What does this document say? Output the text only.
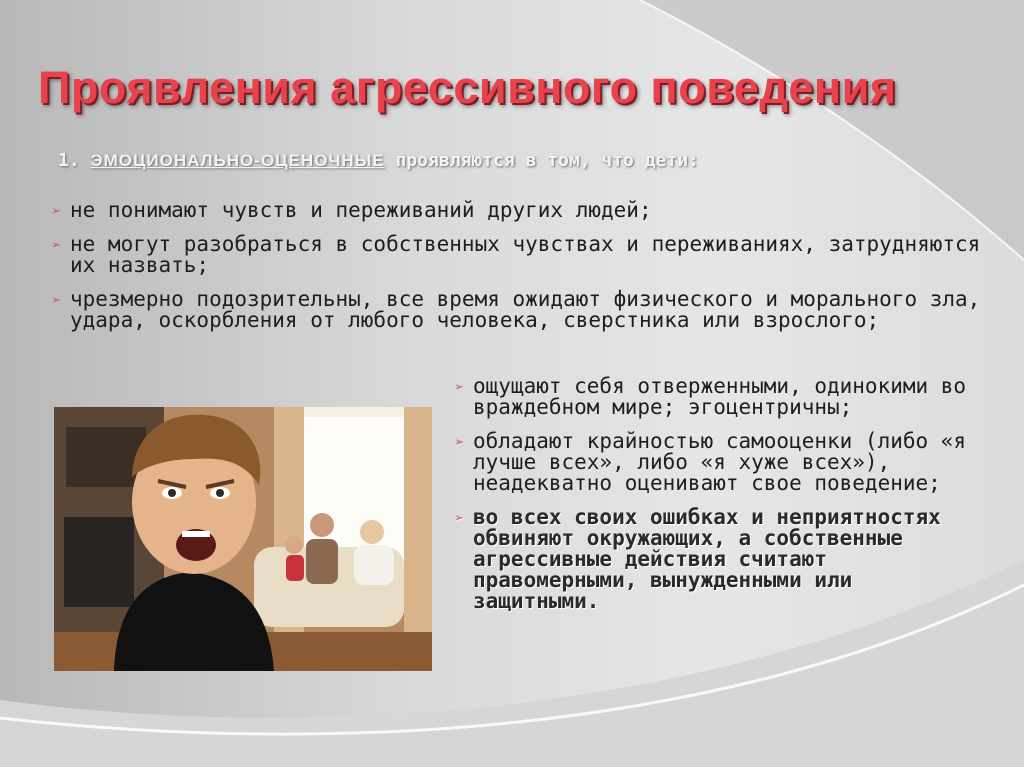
Проявления агрессивного поведения
1. ЭМОЦИОНАЛЬНО-ОЦЕНОЧНЫЕ проявляются в том, что дети:
➢ не понимают чувств и переживаний других людей;
➢ не могут разобраться в собственных чувствах и переживаниях, затрудняются их назвать;
➢ чрезмерно подозрительны, все время ожидают физического и морального зла, удара, оскорбления от любого человека, сверстника или взрослого;
➢ ощущают себя отверженными, одинокими во враждебном мире; эгоцентричны;
➢ обладают крайностью самооценки (либо «я лучше всех», либо «я хуже всех»), неадекватно оценивают свое поведение;
➢ во всех своих ошибках и неприятностях обвиняют окружающих, а собственные агрессивные действия считают правомерными, вынужденными или защитными.
